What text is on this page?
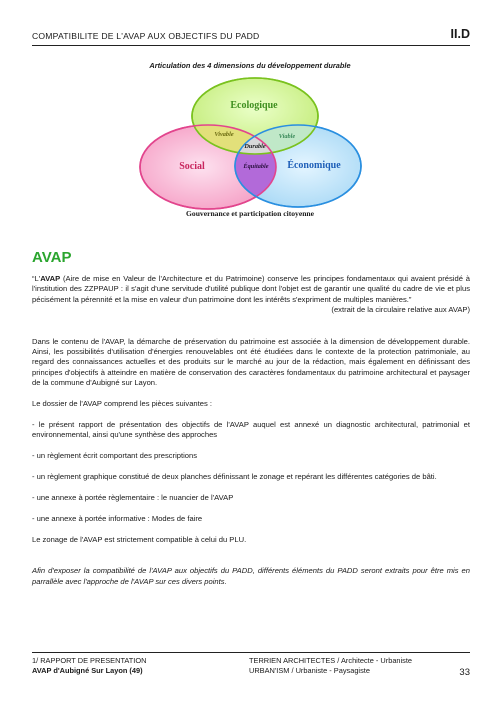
COMPATIBILITE DE L'AVAP AUX OBJECTIFS DU PADD	II.D
Articulation des 4 dimensions du développement durable
Ecologique
Social	Économique
Vivable	Viable
Durable
Équitable
Gouvernance et participation citoyenne
AVAP

“L'AVAP (Aire de mise en Valeur de l'Architecture et du Patrimoine) conserve les principes fondamentaux qui avaient présidé à l'institution des ZZPPAUP : il s'agit d'une servitude d'utilité publique dont l'objet est de garantir une qualité du cadre de vie et plus pécisément la pérennité et la mise en valeur d'un patrimoine dont les intérêts s'expriment de multiples manières.”

(extrait de la circulaire relative aux AVAP)

Dans le contenu de l'AVAP, la démarche de préservation du patrimoine est associée à la dimension de développement durable. Ainsi, les possibilités d'utilisation d'énergies renouvelables ont été étudiées dans le contexte de la protection patrimoniale, au regard des connaissances actuelles et des produits sur le marché au jour de la rédaction, mais également en définissant des principes d'objectifs à atteindre en matière de conservation des caractères fondamentaux du patrimoine architectural et paysager de la commune d'Aubigné sur Layon.

Le dossier de l'AVAP comprend les pièces suivantes :

- le présent rapport de présentation des objectifs de l'AVAP auquel est annexé un diagnostic architectural, patrimonial et environnemental, ainsi qu'une synthèse des approches

- un règlement écrit comportant des prescriptions

- un règlement graphique constitué de deux planches définissant le zonage et repérant les différentes catégories de bâti.

- une annexe à portée règlementaire : le nuancier de l'AVAP

- une annexe à portée informative : Modes de faire

Le zonage de l'AVAP est strictement compatible à celui du PLU.

Afin d'exposer la compatibilité de l'AVAP aux objectifs du PADD, différents éléments du PADD seront extraits pour être mis en parrallèle avec l'approche de l'AVAP sur ces divers points.

1/ RAPPORT DE PRESENTATION
AVAP d'Aubigné Sur Layon (49)
TERRIEN ARCHITECTES / Architecte - Urbaniste
URBAN'ISM / Urbaniste - Paysagiste	33
